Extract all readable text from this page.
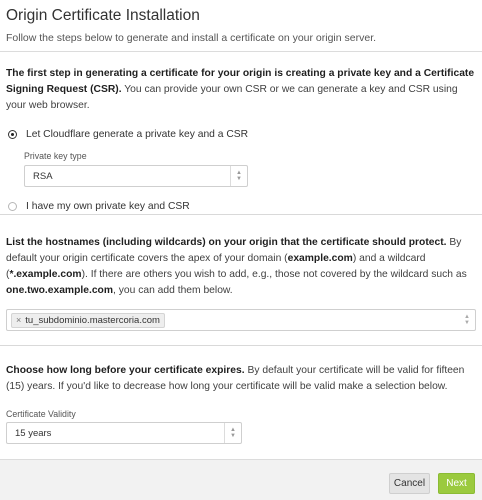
Origin Certificate Installation
Follow the steps below to generate and install a certificate on your origin server.
The first step in generating a certificate for your origin is creating a private key and a Certificate Signing Request (CSR). You can provide your own CSR or we can generate a key and CSR using your web browser.
Let Cloudflare generate a private key and a CSR
Private key type
RSA	▲
▼
I have my own private key and CSR
List the hostnames (including wildcards) on your origin that the certificate should protect. By default your origin certificate covers the apex of your domain (example.com) and a wildcard (*.example.com). If there are others you wish to add, e.g., those not covered by the wildcard such as one.two.example.com, you can add them below.
× tu_subdominio.mastercoria.com	▲
▼
Choose how long before your certificate expires. By default your certificate will be valid for fifteen (15) years. If you'd like to decrease how long your certificate will be valid make a selection below.
Certificate Validity
15 years	▲
▼
Cancel	Next
